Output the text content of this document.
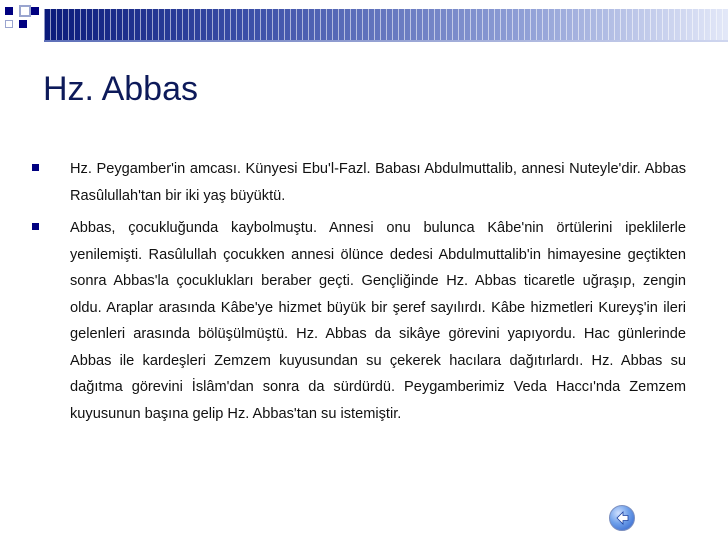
Hz. Abbas
Hz. Peygamber'in amcası. Künyesi Ebu'l-Fazl. Babası Abdulmuttalib, annesi Nuteyle'dir. Abbas Rasûlullah'tan bir iki yaş büyüktü.
Abbas, çocukluğunda kaybolmuştu. Annesi onu bulunca Kâbe'nin örtülerini ipeklilerle yenilemişti. Rasûlullah çocukken annesi ölünce dedesi Abdulmuttalib'in himayesine geçtikten sonra Abbas'la çocuklukları beraber geçti. Gençliğinde Hz. Abbas ticaretle uğraşıp, zengin oldu. Araplar arasında Kâbe'ye hizmet büyük bir şeref sayılırdı. Kâbe hizmetleri Kureyş'in ileri gelenleri arasında bölüşülmüştü. Hz. Abbas da sikâye görevini yapıyordu. Hac günlerinde Abbas ile kardeşleri Zemzem kuyusundan su çekerek hacılara dağıtırlardı. Hz. Abbas su dağıtma görevini İslâm'dan sonra da sürdürdü. Peygamberimiz Veda Haccı'nda Zemzem kuyusunun başına gelip Hz. Abbas'tan su istemiştir.
